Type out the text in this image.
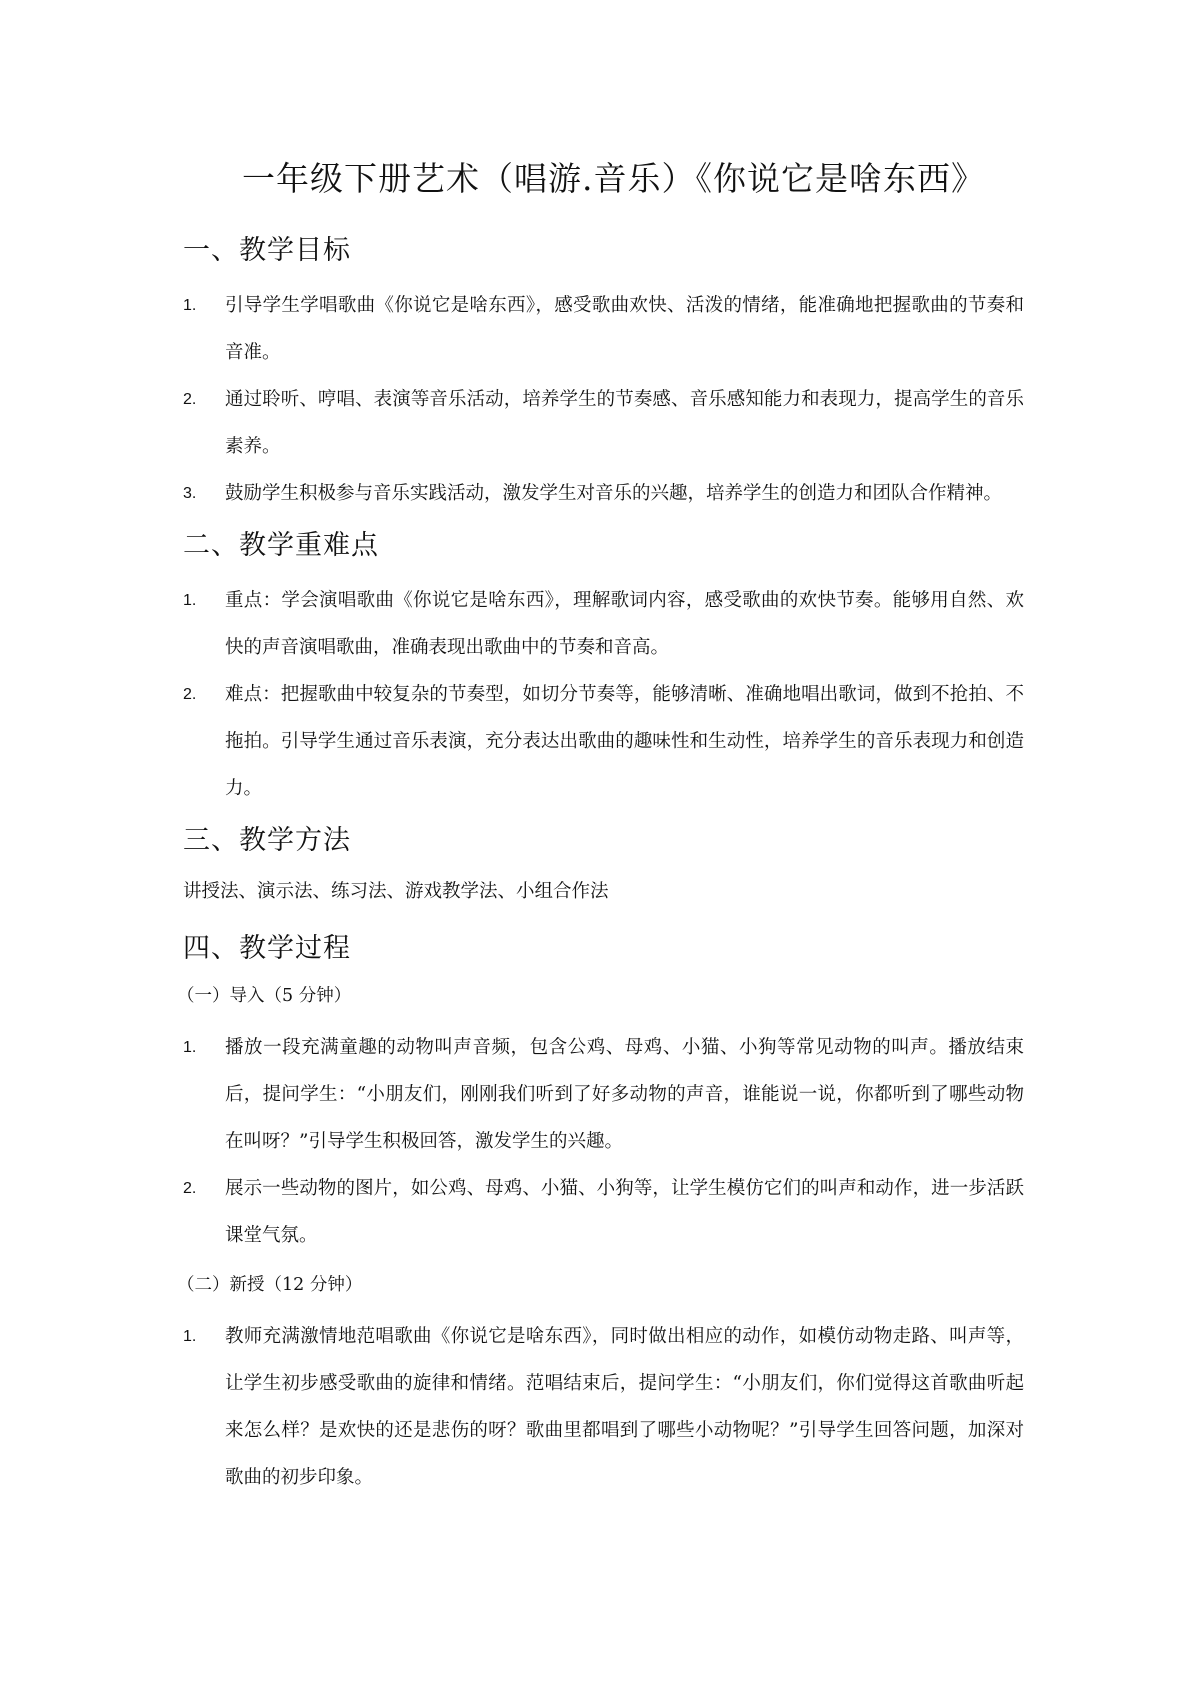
一年级下册艺术（唱游.音乐）《你说它是啥东西》
一、教学目标
1.	引导学生学唱歌曲《你说它是啥东西》，感受歌曲欢快、活泼的情绪，能准确地把握歌曲的节奏和音准。
2.	通过聆听、哼唱、表演等音乐活动，培养学生的节奏感、音乐感知能力和表现力，提高学生的音乐素养。
3.	鼓励学生积极参与音乐实践活动，激发学生对音乐的兴趣，培养学生的创造力和团队合作精神。
二、教学重难点
1.	重点：学会演唱歌曲《你说它是啥东西》，理解歌词内容，感受歌曲的欢快节奏。能够用自然、欢快的声音演唱歌曲，准确表现出歌曲中的节奏和音高。
2.	难点：把握歌曲中较复杂的节奏型，如切分节奏等，能够清晰、准确地唱出歌词，做到不抢拍、不拖拍。引导学生通过音乐表演，充分表达出歌曲的趣味性和生动性，培养学生的音乐表现力和创造力。
三、教学方法

讲授法、演示法、练习法、游戏教学法、小组合作法

四、教学过程

（一）导入（5 分钟）

1.	播放一段充满童趣的动物叫声音频，包含公鸡、母鸡、小猫、小狗等常见动物的叫声。播放结束后，提问学生：“小朋友们，刚刚我们听到了好多动物的声音，谁能说一说，你都听到了哪些动物在叫呀？”引导学生积极回答，激发学生的兴趣。
2.	展示一些动物的图片，如公鸡、母鸡、小猫、小狗等，让学生模仿它们的叫声和动作，进一步活跃课堂气氛。

（二）新授（12 分钟）

1.	教师充满激情地范唱歌曲《你说它是啥东西》，同时做出相应的动作，如模仿动物走路、叫声等，让学生初步感受歌曲的旋律和情绪。范唱结束后，提问学生：“小朋友们，你们觉得这首歌曲听起来怎么样？是欢快的还是悲伤的呀？歌曲里都唱到了哪些小动物呢？”引导学生回答问题，加深对歌曲的初步印象。
